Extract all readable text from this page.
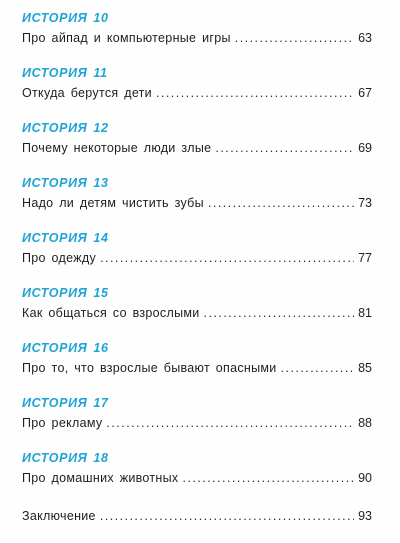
ИСТОРИЯ 10
Про айпад и компьютерные игры . . .	63
ИСТОРИЯ 11
Откуда берутся дети . . .	67
ИСТОРИЯ 12
Почему некоторые люди злые . . .	69
ИСТОРИЯ 13
Надо ли детям чистить зубы . . .	73
ИСТОРИЯ 14
Про одежду . . .	77
ИСТОРИЯ 15
Как общаться со взрослыми . . .	81
ИСТОРИЯ 16
Про то, что взрослые бывают опасными . . .	85
ИСТОРИЯ 17
Про рекламу . . .	88
ИСТОРИЯ 18
Про домашних животных . . .	90
Заключение . . .	93
